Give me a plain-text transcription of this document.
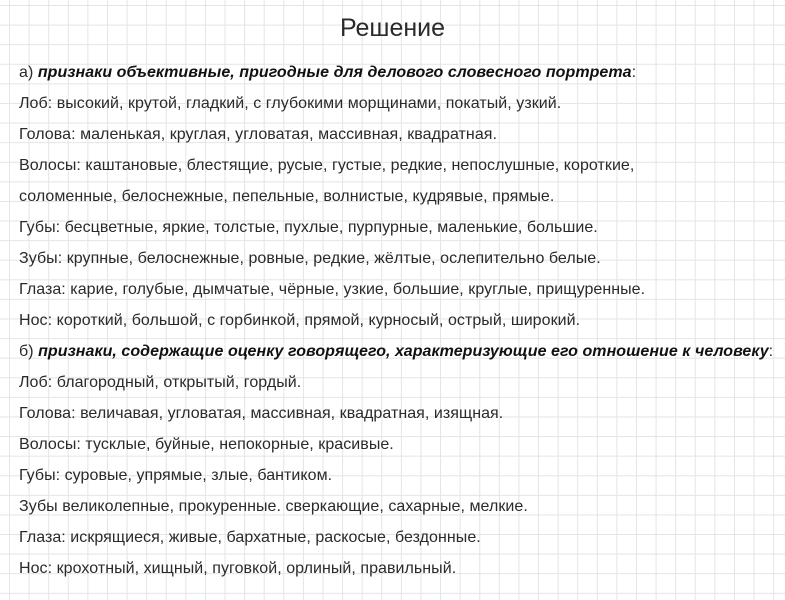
Решение
а) признаки объективные, пригодные для делового словесного портрета:
Лоб: высокий, крутой, гладкий, с глубокими морщинами, покатый, узкий.
Голова: маленькая, круглая, угловатая, массивная, квадратная.
Волосы: каштановые, блестящие, русые, густые, редкие, непослушные, короткие,
соломенные, белоснежные, пепельные, волнистые, кудрявые, прямые.
Губы: бесцветные, яркие, толстые, пухлые, пурпурные, маленькие, большие.
Зубы: крупные, белоснежные, ровные, редкие, жёлтые, ослепительно белые.
Глаза: карие, голубые, дымчатые, чёрные, узкие, большие, круглые, прищуренные.
Нос: короткий, большой, с горбинкой, прямой, курносый, острый, широкий.
б) признаки, содержащие оценку говорящего, характеризующие его отношение к человеку:
Лоб: благородный, открытый, гордый.
Голова: величавая, угловатая, массивная, квадратная, изящная.
Волосы: тусклые, буйные, непокорные, красивые.
Губы: суровые, упрямые, злые, бантиком.
Зубы великолепные, прокуренные. сверкающие, сахарные, мелкие.
Глаза: искрящиеся, живые, бархатные, раскосые, бездонные.
Нос: крохотный, хищный, пуговкой, орлиный, правильный.
